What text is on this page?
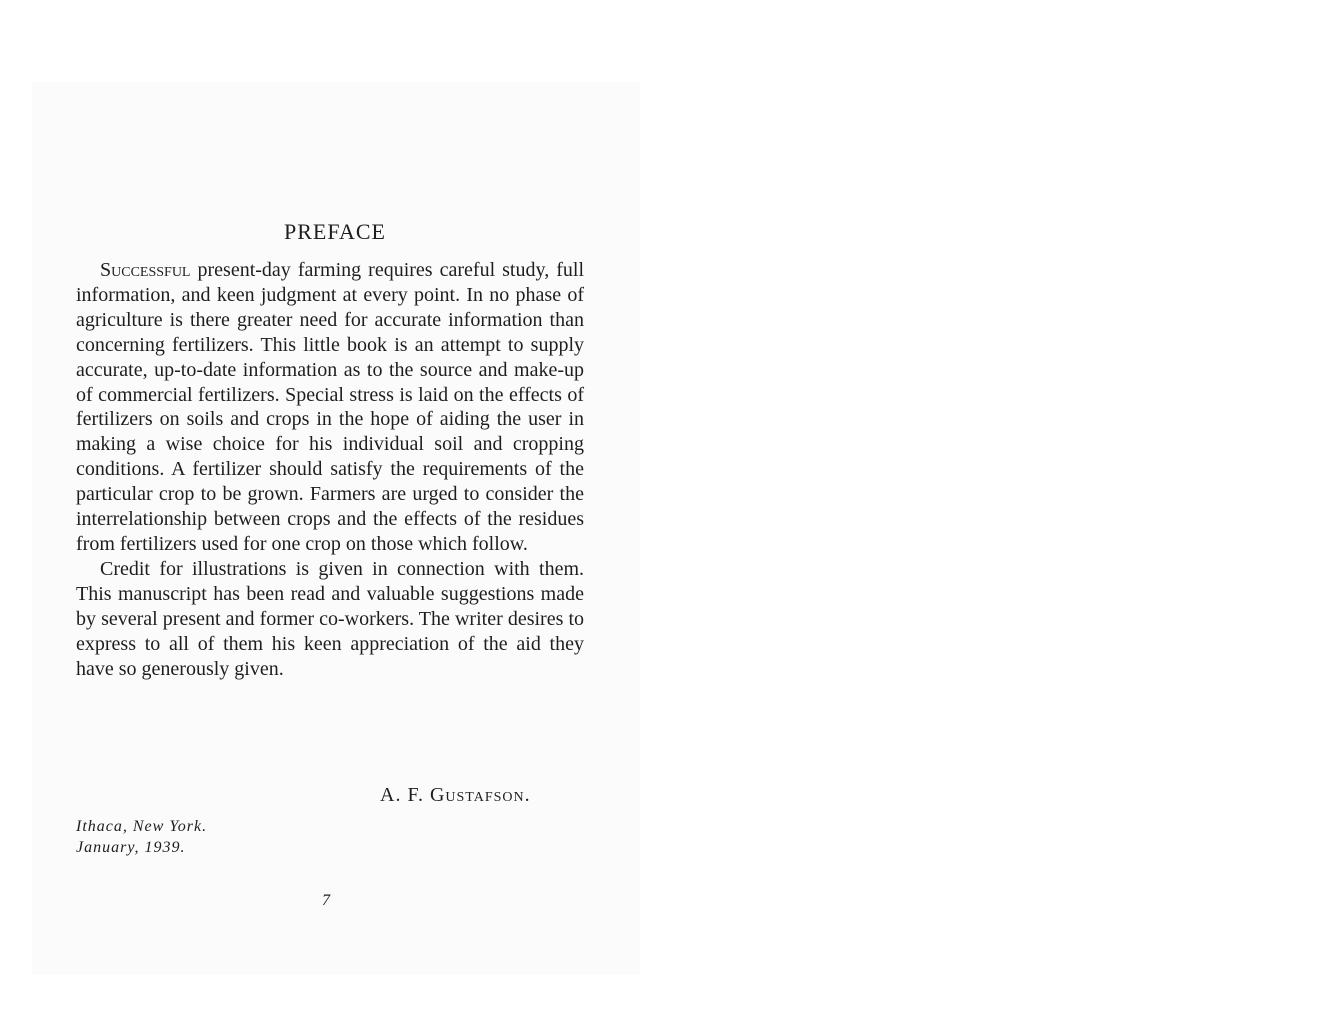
PREFACE

Successful present-day farming requires careful study, full information, and keen judgment at every point. In no phase of agriculture is there greater need for accurate information than concerning fertilizers. This little book is an attempt to supply accurate, up-to-date information as to the source and make-up of commercial fertilizers. Special stress is laid on the effects of fertilizers on soils and crops in the hope of aiding the user in making a wise choice for his individual soil and cropping conditions. A fertilizer should satisfy the requirements of the particular crop to be grown. Farmers are urged to consider the interrelationship between crops and the effects of the residues from fertilizers used for one crop on those which follow.

Credit for illustrations is given in connection with them. This manuscript has been read and valuable suggestions made by several present and former co-workers. The writer desires to express to all of them his keen appreciation of the aid they have so generously given.

A. F. Gustafson.
Ithaca, New York.
January, 1939.
7
